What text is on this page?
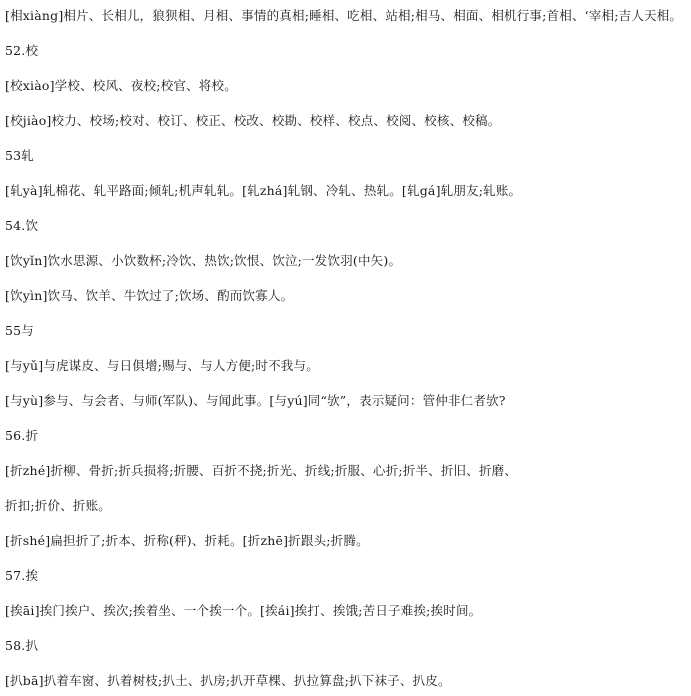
[相xiàng]相片、长相儿，狼狈相、月相、事情的真相;睡相、吃相、站相;相马、相面、相机行事;首相、‘宰相;吉人天相。
52.校
[校xiào]学校、校风、夜校;校官、将校。
[校jiào]校力、校场;校对、校订、校正、校改、校勘、校样、校点、校阅、校核、校稿。
53轧
[轧yà]轧棉花、轧平路面;倾轧;机声轧轧。[轧zhá]轧钢、冷轧、热轧。[轧gá]轧朋友;轧账。
54.饮
[饮yǐn]饮水思源、小饮数杯;冷饮、热饮;饮恨、饮泣;一发饮羽(中矢)。
[饮yìn]饮马、饮羊、牛饮过了;饮场、酌而饮寡人。
55与
[与yǔ]与虎谋皮、与日俱增;赐与、与人方便;时不我与。
[与yù]参与、与会者、与师(军队)、与闻此事。[与yú]同“欤”，表示疑问：管仲非仁者欤?
56.折
[折zhé]折柳、骨折;折兵损将;折腰、百折不挠;折光、折线;折服、心折;折半、折旧、折磨、
折扣;折价、折账。
[折shé]扁担折了;折本、折称(秤)、折耗。[折zhē]折跟头;折腾。
57.挨
[挨āi]挨门挨户、挨次;挨着坐、一个挨一个。[挨ái]挨打、挨饿;苦日子难挨;挨时间。
58.扒
[扒bā]扒着车窗、扒着树枝;扒土、扒房;扒开草棵、扒拉算盘;扒下袜子、扒皮。
